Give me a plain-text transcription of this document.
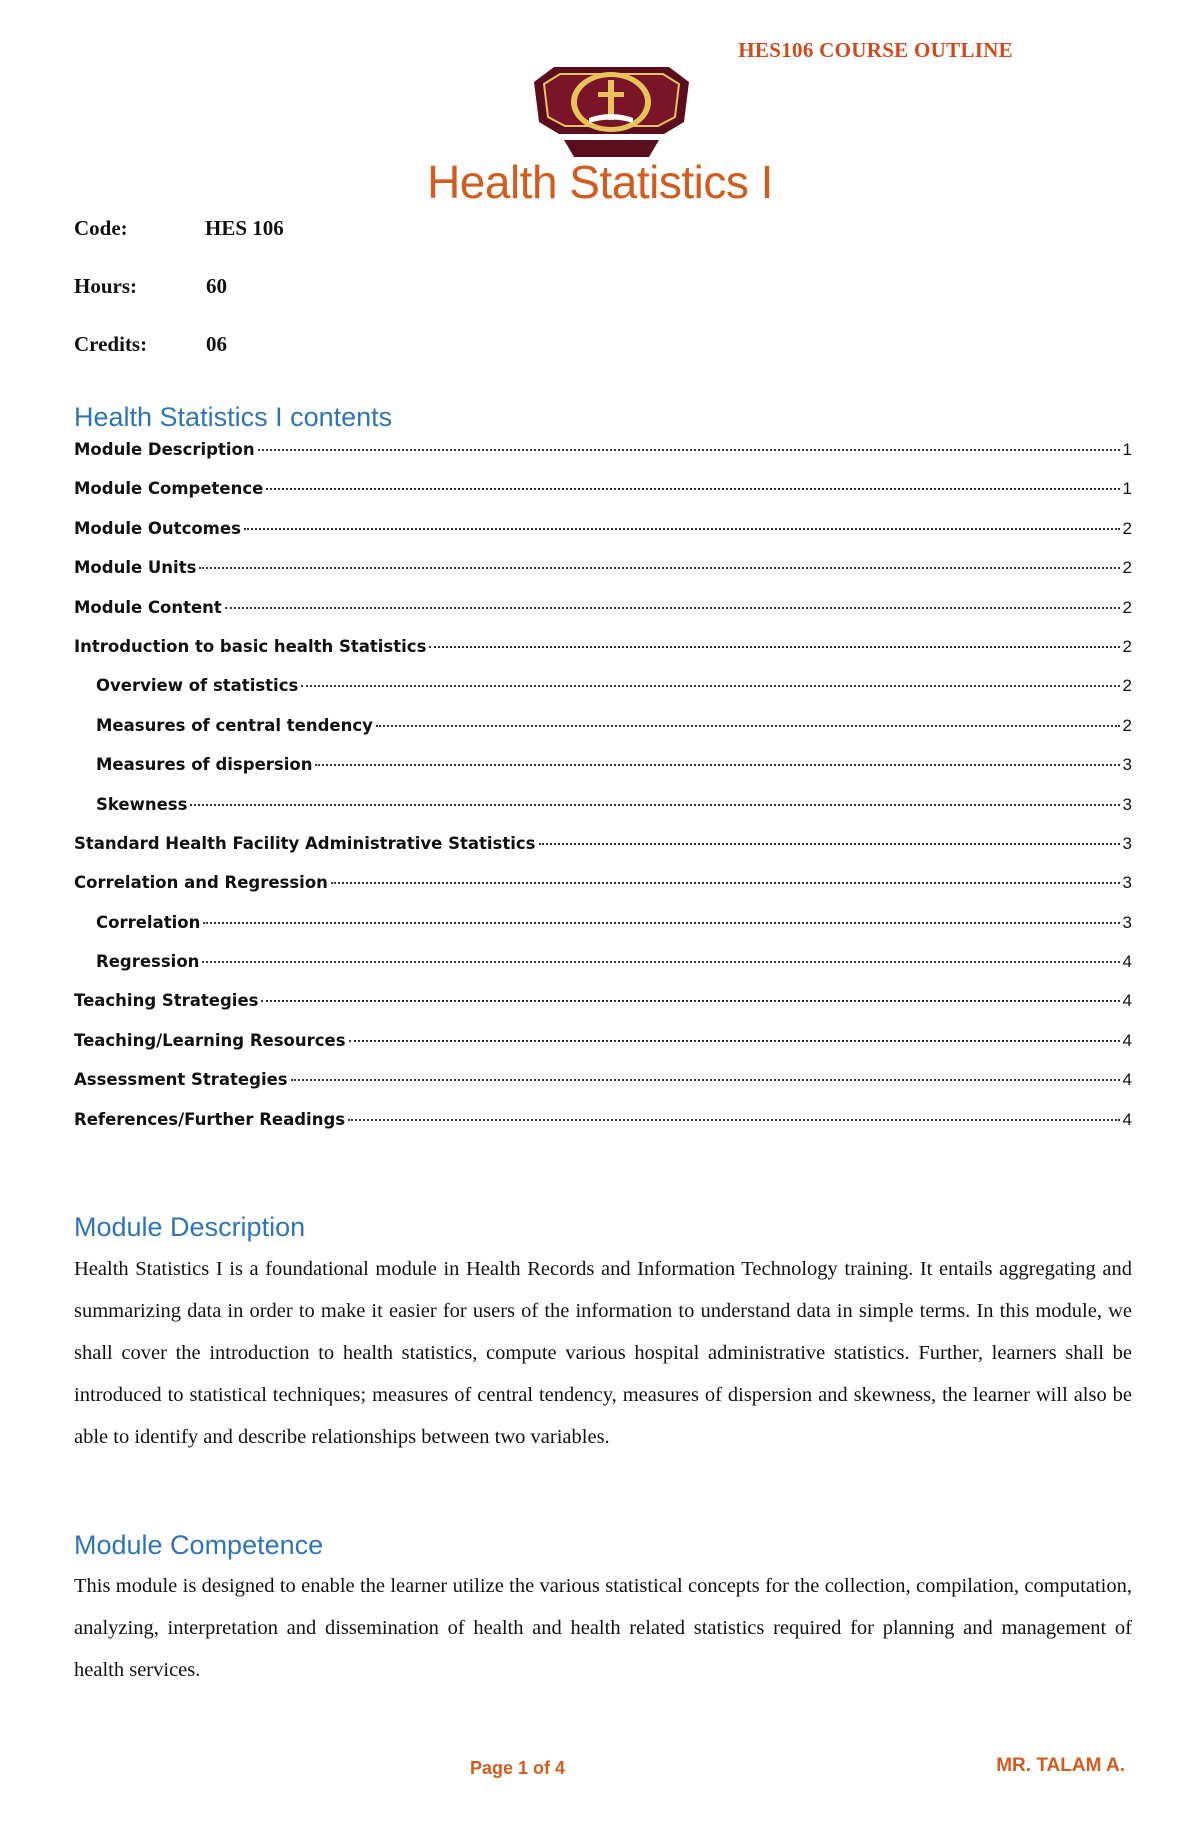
HES106 COURSE OUTLINE
Health Statistics I
Code:	HES 106
Hours:	60
Credits:	06
Health Statistics I contents
Module Description	1
Module Competence	1
Module Outcomes	2
Module Units	2
Module Content	2
Introduction to basic health Statistics	2
Overview of statistics	2
Measures of central tendency	2
Measures of dispersion	3
Skewness	3
Standard Health Facility Administrative Statistics	3
Correlation and Regression	3
Correlation	3
Regression	4
Teaching Strategies	4
Teaching/Learning Resources	4
Assessment Strategies	4
References/Further Readings	4
Module Description
Health Statistics I is a foundational module in Health Records and Information Technology training. It entails aggregating and summarizing data in order to make it easier for users of the information to understand data in simple terms. In this module, we shall cover the introduction to health statistics, compute various hospital administrative statistics. Further, learners shall be introduced to statistical techniques; measures of central tendency, measures of dispersion and skewness, the learner will also be able to identify and describe relationships between two variables.
Module Competence
This module is designed to enable the learner utilize the various statistical concepts for the collection, compilation, computation, analyzing, interpretation and dissemination of health and health related statistics required for planning and management of health services.
Page 1 of 4	MR. TALAM A.
